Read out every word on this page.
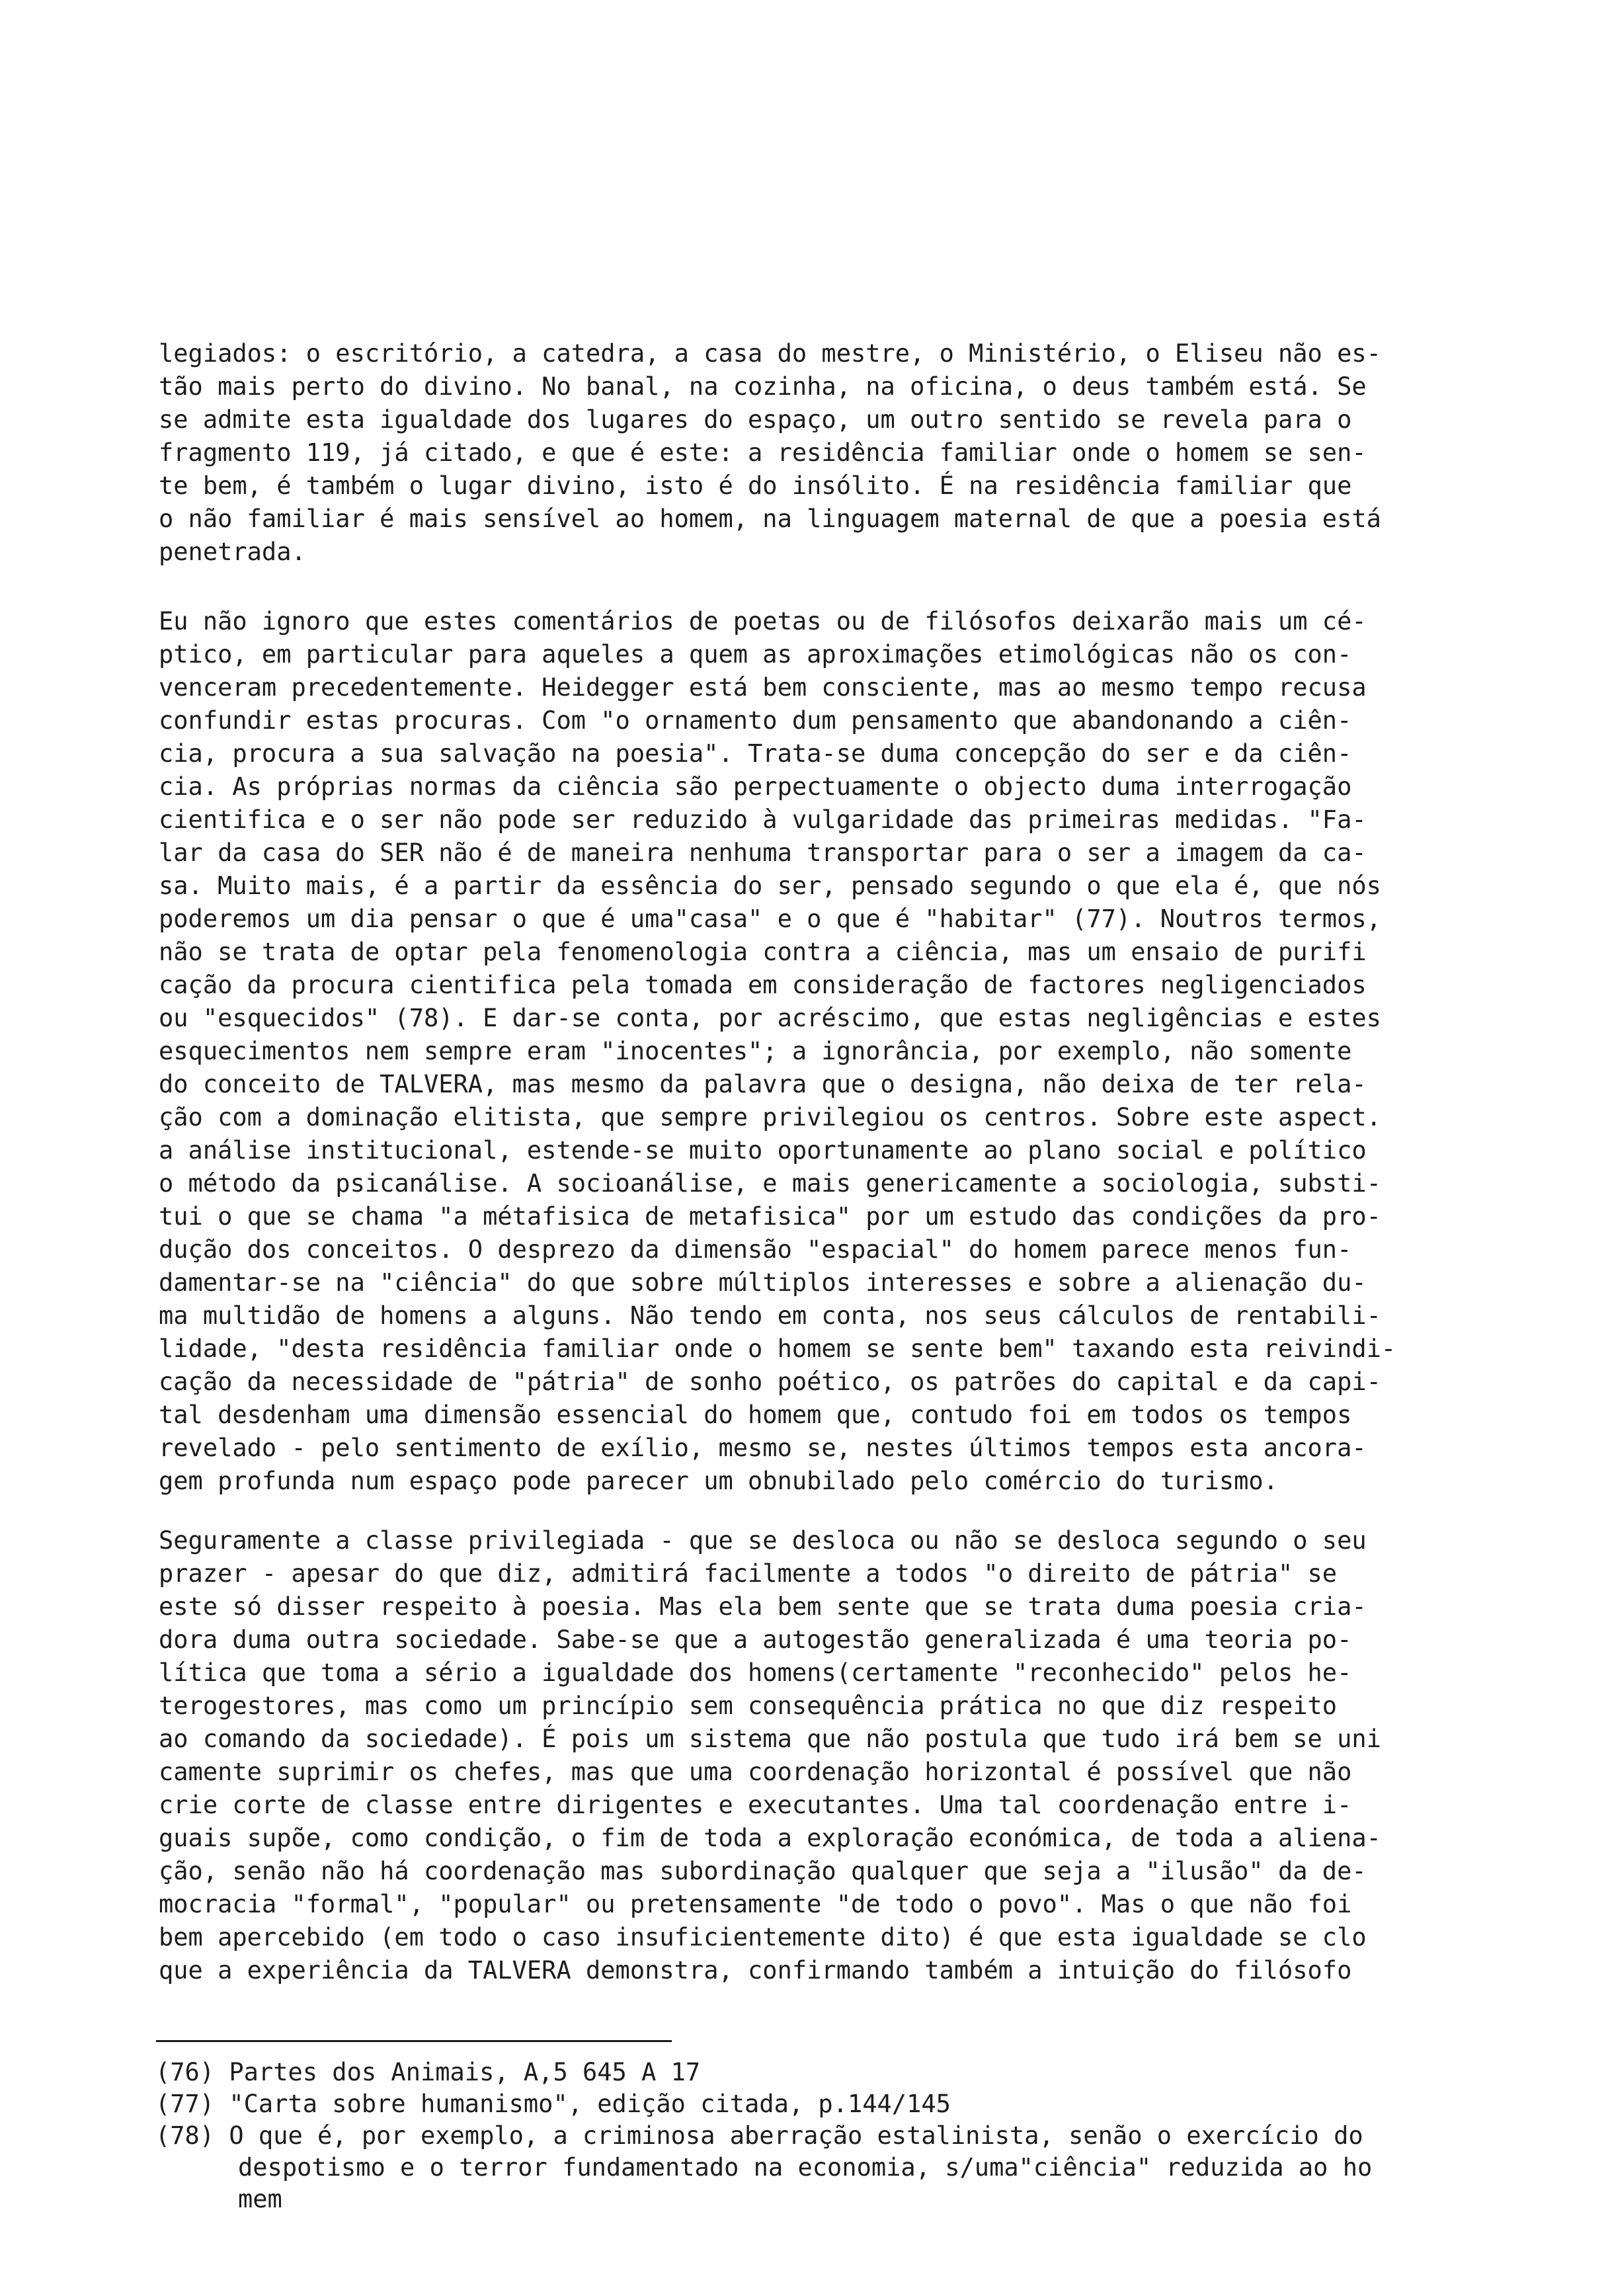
legiados: o escritório, a catedra, a casa do mestre, o Ministério, o Eliseu não es-
tão mais perto do divino. No banal, na cozinha, na oficina, o deus também está. Se
se admite esta igualdade dos lugares do espaço, um outro sentido se revela para o
fragmento 119, já citado, e que é este: a residência familiar onde o homem se sen-
te bem, é também o lugar divino, isto é do insólito. É na residência familiar que
o não familiar é mais sensível ao homem, na linguagem maternal de que a poesia está
penetrada.
Eu não ignoro que estes comentários de poetas ou de filósofos deixarão mais um cé-
ptico, em particular para aqueles a quem as aproximações etimológicas não os con-
venceram precedentemente. Heidegger está bem consciente, mas ao mesmo tempo recusa
confundir estas procuras. Com "o ornamento dum pensamento que abandonando a ciên-
cia, procura a sua salvação na poesia". Trata-se duma concepção do ser e da ciên-
cia. As próprias normas da ciência são perpectuamente o objecto duma interrogação
cientifica e o ser não pode ser reduzido à vulgaridade das primeiras medidas. "Fa-
lar da casa do SER não é de maneira nenhuma transportar para o ser a imagem da ca-
sa. Muito mais, é a partir da essência do ser, pensado segundo o que ela é, que nós
poderemos um dia pensar o que é uma"casa" e o que é "habitar" (77). Noutros termos,
não se trata de optar pela fenomenologia contra a ciência, mas um ensaio de purifi
cação da procura cientifica pela tomada em consideração de factores negligenciados
ou "esquecidos" (78). E dar-se conta, por acréscimo, que estas negligências e estes
esquecimentos nem sempre eram "inocentes"; a ignorância, por exemplo, não somente
do conceito de TALVERA, mas mesmo da palavra que o designa, não deixa de ter rela-
ção com a dominação elitista, que sempre privilegiou os centros. Sobre este aspect.
a análise institucional, estende-se muito oportunamente ao plano social e político
o método da psicanálise. A socioanálise, e mais genericamente a sociologia, substi-
tui o que se chama "a métafisica de metafisica" por um estudo das condições da pro-
dução dos conceitos. O desprezo da dimensão "espacial" do homem parece menos fun-
damentar-se na "ciência" do que sobre múltiplos interesses e sobre a alienação du-
ma multidão de homens a alguns. Não tendo em conta, nos seus cálculos de rentabili-
lidade, "desta residência familiar onde o homem se sente bem" taxando esta reivindi-
cação da necessidade de "pátria" de sonho poético, os patrões do capital e da capi-
tal desdenham uma dimensão essencial do homem que, contudo foi em todos os tempos
revelado - pelo sentimento de exílio, mesmo se, nestes últimos tempos esta ancora-
gem profunda num espaço pode parecer um obnubilado pelo comércio do turismo.
Seguramente a classe privilegiada - que se desloca ou não se desloca segundo o seu
prazer - apesar do que diz, admitirá facilmente a todos "o direito de pátria" se
este só disser respeito à poesia. Mas ela bem sente que se trata duma poesia cria-
dora duma outra sociedade. Sabe-se que a autogestão generalizada é uma teoria po-
lítica que toma a sério a igualdade dos homens(certamente "reconhecido" pelos he-
terogestores, mas como um princípio sem consequência prática no que diz respeito
ao comando da sociedade). É pois um sistema que não postula que tudo irá bem se uni
camente suprimir os chefes, mas que uma coordenação horizontal é possível que não
crie corte de classe entre dirigentes e executantes. Uma tal coordenação entre i-
guais supõe, como condição, o fim de toda a exploração económica, de toda a aliena-
ção, senão não há coordenação mas subordinação qualquer que seja a "ilusão" da de-
mocracia "formal", "popular" ou pretensamente "de todo o povo". Mas o que não foi
bem apercebido (em todo o caso insuficientemente dito) é que esta igualdade se clo
que a experiência da TALVERA demonstra, confirmando também a intuição do filósofo
(76) Partes dos Animais, A,5 645 A 17
(77) "Carta sobre humanismo", edição citada, p.144/145
(78) O que é, por exemplo, a criminosa aberração estalinista, senão o exercício do
despotismo e o terror fundamentado na economia, s/uma"ciência" reduzida ao ho
mem
